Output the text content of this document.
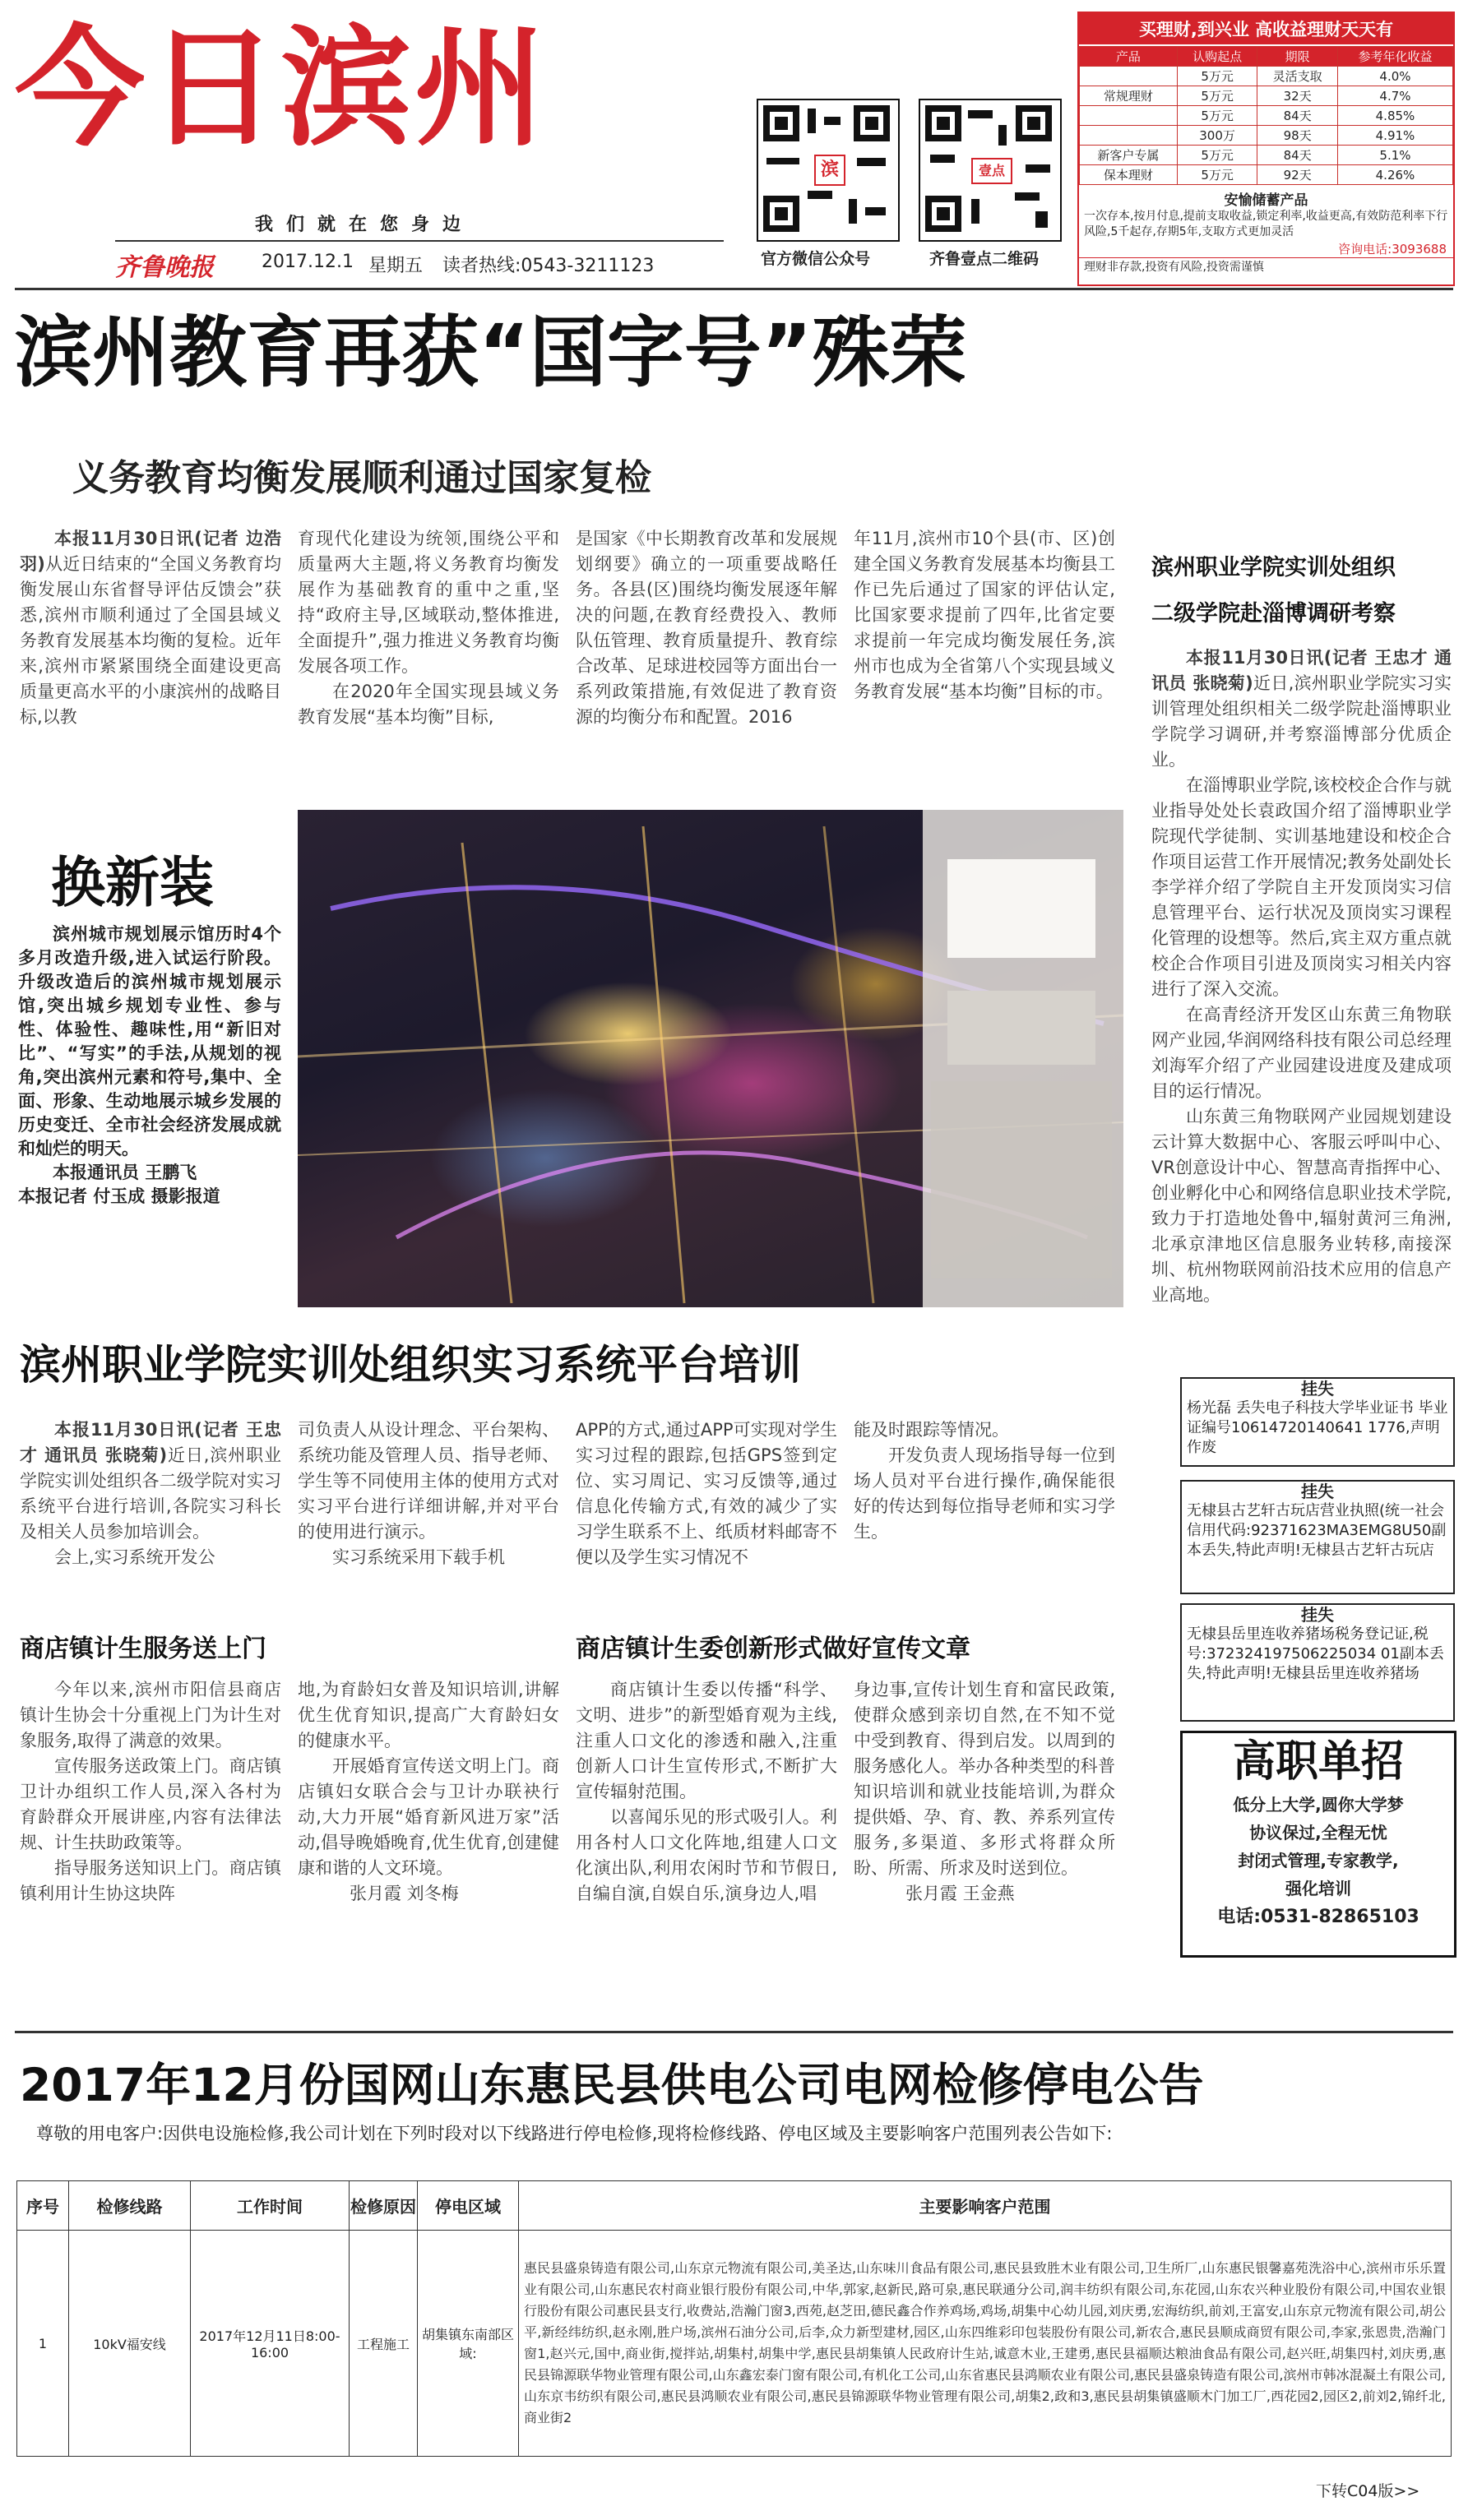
今日滨州
我们就在您身边
齐鲁晚报	2017.12.1 星期五 读者热线:0543-3211123
滨
官方微信公众号
壹点
齐鲁壹点二维码
买理财,到兴业 高收益理财天天有
产品	认购起点	期限	参考年化收益
	5万元	灵活支取	4.0%
常规理财	5万元	32天	4.7%
	5万元	84天	4.85%
	300万	98天	4.91%
新客户专属	5万元	84天	5.1%
保本理财	5万元	92天	4.26%
安愉储蓄产品
一次存本,按月付息,提前支取收益,锁定利率,收益更高,有效防范利率下行风险,5千起存,存期5年,支取方式更加灵活
咨询电话:3093688
理财非存款,投资有风险,投资需谨慎
滨州教育再获“国字号”殊荣
义务教育均衡发展顺利通过国家复检

本报11月30日讯(记者 边浩羽)从近日结束的“全国义务教育均衡发展山东省督导评估反馈会”获悉,滨州市顺利通过了全国县域义务教育发展基本均衡的复检。近年来,滨州市紧紧围绕全面建设更高质量更高水平的小康滨州的战略目标,以教

育现代化建设为统领,围绕公平和质量两大主题,将义务教育均衡发展作为基础教育的重中之重,坚持“政府主导,区域联动,整体推进,全面提升”,强力推进义务教育均衡发展各项工作。

在2020年全国实现县域义务教育发展“基本均衡”目标,

是国家《中长期教育改革和发展规划纲要》确立的一项重要战略任务。各县(区)围绕均衡发展逐年解决的问题,在教育经费投入、教师队伍管理、教育质量提升、教育综合改革、足球进校园等方面出台一系列政策措施,有效促进了教育资源的均衡分布和配置。2016

年11月,滨州市10个县(市、区)创建全国义务教育发展基本均衡县工作已先后通过了国家的评估认定,比国家要求提前了四年,比省定要求提前一年完成均衡发展任务,滨州市也成为全省第八个实现县域义务教育发展“基本均衡”目标的市。

换新装

滨州城市规划展示馆历时4个多月改造升级,进入试运行阶段。升级改造后的滨州城市规划展示馆,突出城乡规划专业性、参与性、体验性、趣味性,用“新旧对比”、“写实”的手法,从规划的视角,突出滨州元素和符号,集中、全面、形象、生动地展示城乡发展的历史变迁、全市社会经济发展成就和灿烂的明天。

本报通讯员 王鹏飞

本报记者 付玉成 摄影报道

滨州职业学院实训处组织
二级学院赴淄博调研考察

本报11月30日讯(记者 王忠才 通讯员 张晓菊)近日,滨州职业学院实习实训管理处组织相关二级学院赴淄博职业学院学习调研,并考察淄博部分优质企业。

在淄博职业学院,该校校企合作与就业指导处处长袁政国介绍了淄博职业学院现代学徒制、实训基地建设和校企合作项目运营工作开展情况;教务处副处长李学祥介绍了学院自主开发顶岗实习信息管理平台、运行状况及顶岗实习课程化管理的设想等。然后,宾主双方重点就校企合作项目引进及顶岗实习相关内容进行了深入交流。

在高青经济开发区山东黄三角物联网产业园,华润网络科技有限公司总经理刘海军介绍了产业园建设进度及建成项目的运行情况。

山东黄三角物联网产业园规划建设云计算大数据中心、客服云呼叫中心、VR创意设计中心、智慧高青指挥中心、创业孵化中心和网络信息职业技术学院,致力于打造地处鲁中,辐射黄河三角洲,北承京津地区信息服务业转移,南接深圳、杭州物联网前沿技术应用的信息产业高地。

滨州职业学院实训处组织实习系统平台培训

本报11月30日讯(记者 王忠才 通讯员 张晓菊)近日,滨州职业学院实训处组织各二级学院对实习系统平台进行培训,各院实习科长及相关人员参加培训会。

会上,实习系统开发公

司负责人从设计理念、平台架构、系统功能及管理人员、指导老师、学生等不同使用主体的使用方式对实习平台进行详细讲解,并对平台的使用进行演示。

实习系统采用下载手机

APP的方式,通过APP可实现对学生实习过程的跟踪,包括GPS签到定位、实习周记、实习反馈等,通过信息化传输方式,有效的减少了实习学生联系不上、纸质材料邮寄不便以及学生实习情况不

能及时跟踪等情况。

开发负责人现场指导每一位到场人员对平台进行操作,确保能很好的传达到每位指导老师和实习学生。

商店镇计生服务送上门

今年以来,滨州市阳信县商店镇计生协会十分重视上门为计生对象服务,取得了满意的效果。

宣传服务送政策上门。商店镇卫计办组织工作人员,深入各村为育龄群众开展讲座,内容有法律法规、计生扶助政策等。

指导服务送知识上门。商店镇镇利用计生协这块阵

地,为育龄妇女普及知识培训,讲解优生优育知识,提高广大育龄妇女的健康水平。

开展婚育宣传送文明上门。商店镇妇女联合会与卫计办联袂行动,大力开展“婚育新风进万家”活动,倡导晚婚晚育,优生优育,创建健康和谐的人文环境。

张月霞 刘冬梅

商店镇计生委创新形式做好宣传文章

商店镇计生委以传播“科学、文明、进步”的新型婚育观为主线,注重人口文化的渗透和融入,注重创新人口计生宣传形式,不断扩大宣传辐射范围。

以喜闻乐见的形式吸引人。利用各村人口文化阵地,组建人口文化演出队,利用农闲时节和节假日,自编自演,自娱自乐,演身边人,唱

身边事,宣传计划生育和富民政策,使群众感到亲切自然,在不知不觉中受到教育、得到启发。以周到的服务感化人。举办各种类型的科普知识培训和就业技能培训,为群众提供婚、孕、育、教、养系列宣传服务,多渠道、多形式将群众所盼、所需、所求及时送到位。

张月霞 王金燕

挂失
杨光磊 丢失电子科技大学毕业证书 毕业证编号10614720140641 1776,声明作废
挂失
无棣县古艺轩古玩店营业执照(统一社会信用代码:92371623MA3EMG8U50副本丢失,特此声明!无棣县古艺轩古玩店
挂失
无棣县岳里连收养猪场税务登记证,税号:372324197506225034 01副本丢失,特此声明!无棣县岳里连收养猪场
高职单招
低分上大学,圆你大学梦
协议保过,全程无忧
封闭式管理,专家教学,
强化培训
电话:0531-82865103
2017年12月份国网山东惠民县供电公司电网检修停电公告
尊敬的用电客户:因供电设施检修,我公司计划在下列时段对以下线路进行停电检修,现将检修线路、停电区域及主要影响客户范围列表公告如下:
序号	检修线路	工作时间	检修原因	停电区域	主要影响客户范围
1	10kV福安线	2017年12月11日8:00-16:00	工程施工	胡集镇东南部区域:	惠民县盛泉铸造有限公司,山东京元物流有限公司,美圣达,山东味川食品有限公司,惠民县致胜木业有限公司,卫生所厂,山东惠民银馨嘉苑洗浴中心,滨州市乐乐置业有限公司,山东惠民农村商业银行股份有限公司,中华,郭家,赵新民,路可泉,惠民联通分公司,润丰纺织有限公司,东花园,山东农兴种业股份有限公司,中国农业银行股份有限公司惠民县支行,收费站,浩瀚门窗3,西苑,赵芝田,德民鑫合作养鸡场,鸡场,胡集中心幼儿园,刘庆勇,宏海纺织,前刘,王富安,山东京元物流有限公司,胡公平,新经纬纺织,赵永刚,胜户场,滨州石油分公司,后李,众力新型建材,园区,山东四维彩印包装股份有限公司,新农合,惠民县顺成商贸有限公司,李家,张恩贵,浩瀚门窗1,赵兴元,国中,商业街,搅拌站,胡集村,胡集中学,惠民县胡集镇人民政府计生站,诚意木业,王建勇,惠民县福顺达粮油食品有限公司,赵兴旺,胡集四村,刘庆勇,惠民县锦源联华物业管理有限公司,山东鑫宏泰门窗有限公司,有机化工公司,山东省惠民县鸿顺农业有限公司,惠民县盛泉铸造有限公司,滨州市韩冰混凝土有限公司,山东京韦纺织有限公司,惠民县鸿顺农业有限公司,惠民县锦源联华物业管理有限公司,胡集2,政和3,惠民县胡集镇盛顺木门加工厂,西花园2,园区2,前刘2,锦纤北,商业街2
下转C04版>>
